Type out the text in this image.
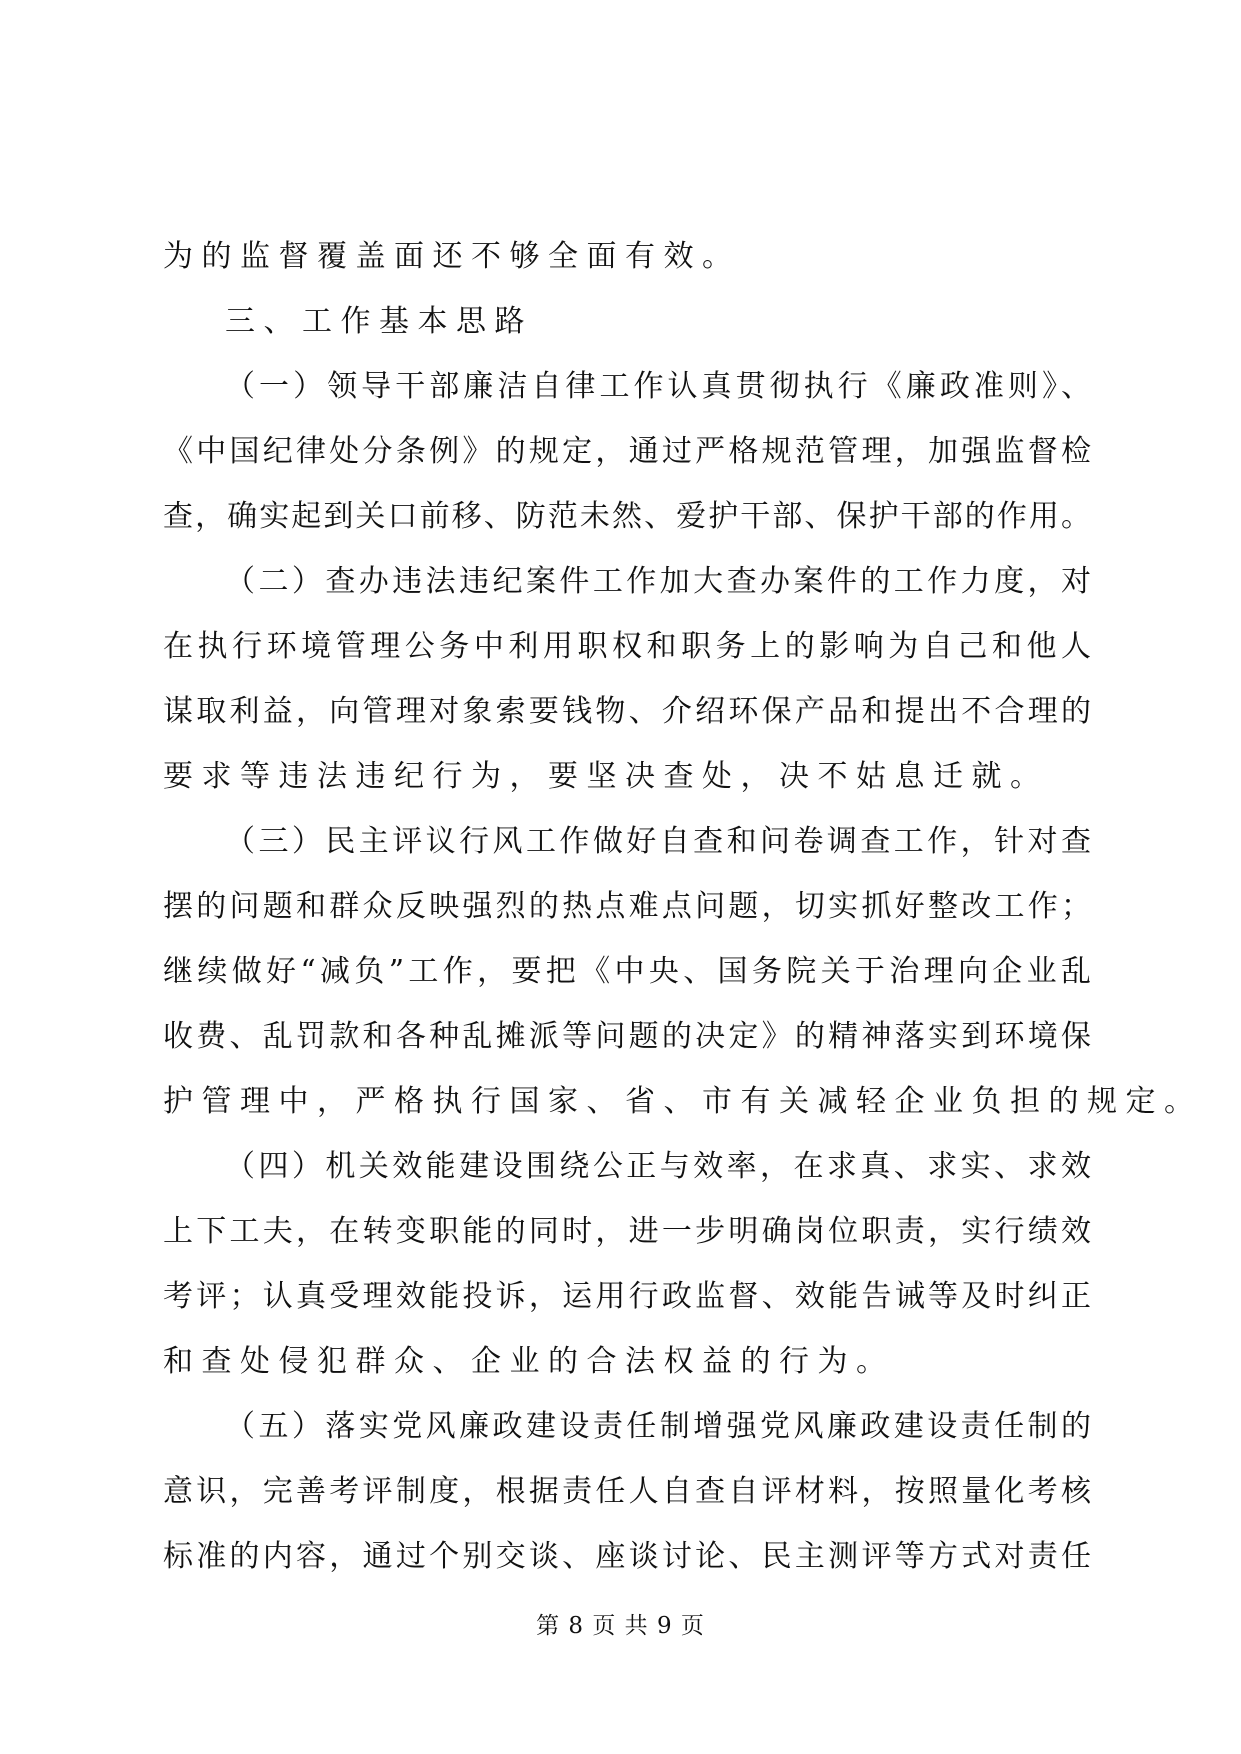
为的监督覆盖面还不够全面有效。
三、工作基本思路
（一）领导干部廉洁自律工作认真贯彻执行《廉政准则》、
《中国纪律处分条例》的规定，通过严格规范管理，加强监督检
查，确实起到关口前移、防范未然、爱护干部、保护干部的作用。
（二）查办违法违纪案件工作加大查办案件的工作力度，对
在执行环境管理公务中利用职权和职务上的影响为自己和他人
谋取利益，向管理对象索要钱物、介绍环保产品和提出不合理的
要求等违法违纪行为，要坚决查处，决不姑息迁就。
（三）民主评议行风工作做好自查和问卷调查工作，针对查
摆的问题和群众反映强烈的热点难点问题，切实抓好整改工作；
继续做好“减负”工作，要把《中央、国务院关于治理向企业乱
收费、乱罚款和各种乱摊派等问题的决定》的精神落实到环境保
护管理中，严格执行国家、省、市有关减轻企业负担的规定。
（四）机关效能建设围绕公正与效率，在求真、求实、求效
上下工夫，在转变职能的同时，进一步明确岗位职责，实行绩效
考评；认真受理效能投诉，运用行政监督、效能告诫等及时纠正
和查处侵犯群众、企业的合法权益的行为。
（五）落实党风廉政建设责任制增强党风廉政建设责任制的
意识，完善考评制度，根据责任人自查自评材料，按照量化考核
标准的内容，通过个别交谈、座谈讨论、民主测评等方式对责任
第 8 页 共 9 页
